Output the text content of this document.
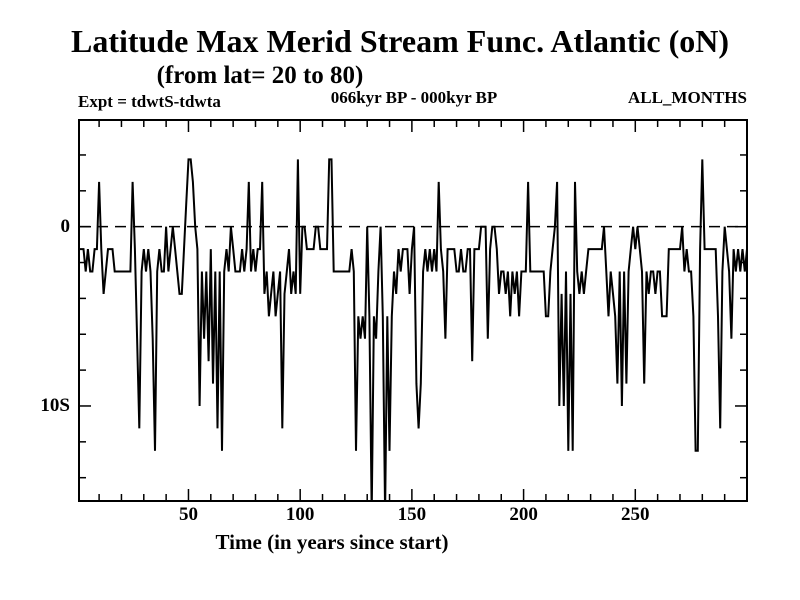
Latitude Max Merid Stream Func. Atlantic (oN)
(from lat= 20 to 80)
Expt = tdwtS-tdwta	066kyr BP - 000kyr BP	ALL_MONTHS
Time (in years since start)
50	100	150	200	250
0
10S
